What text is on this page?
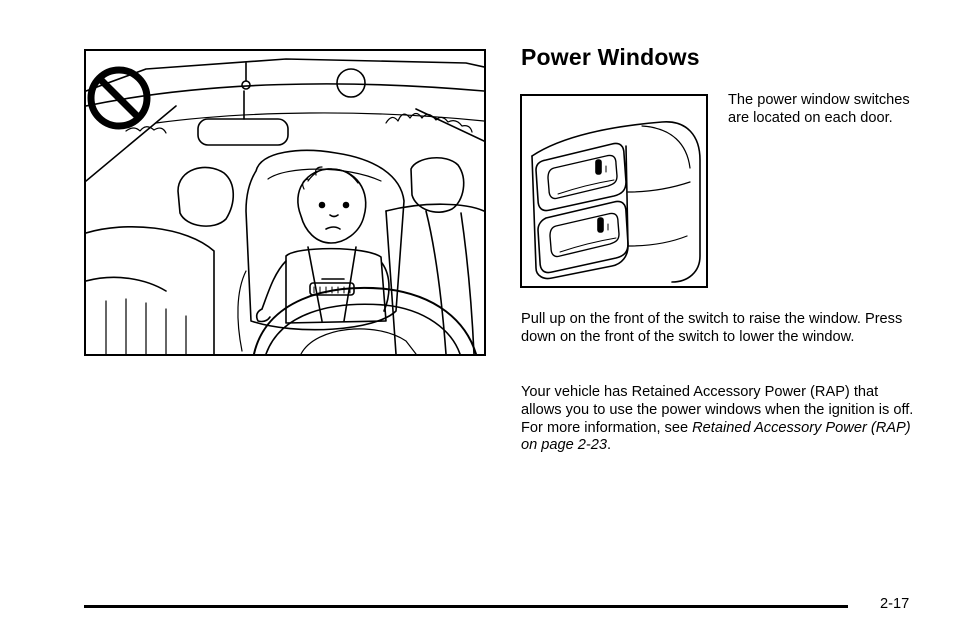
Power Windows

The power window switches are located on each door.

Pull up on the front of the switch to raise the window. Press down on the front of the switch to lower the window.

Your vehicle has Retained Accessory Power (RAP) that allows you to use the power windows when the ignition is off. For more information, see Retained Accessory Power (RAP) on page 2-23.

2-17
